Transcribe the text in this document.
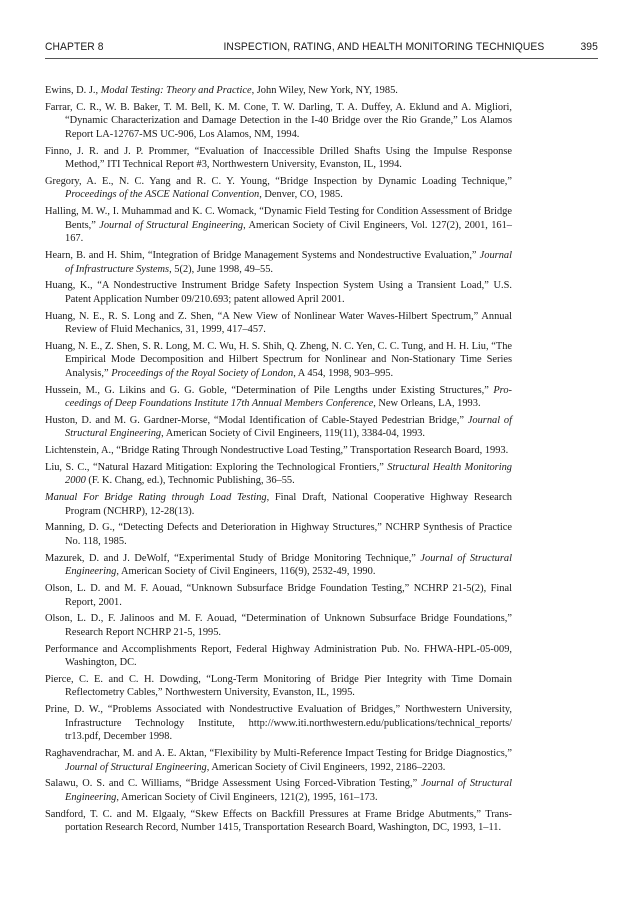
CHAPTER 8	INSPECTION, RATING, AND HEALTH MONITORING TECHNIQUES	395

Ewins, D. J., Modal Testing: Theory and Practice, John Wiley, New York, NY, 1985.

Farrar, C. R., W. B. Baker, T. M. Bell, K. M. Cone, T. W. Darling, T. A. Duffey, A. Eklund and A. Migliori, “Dynamic Characterization and Damage Detection in the I-40 Bridge over the Rio Grande,” Los Alamos Report LA-12767-MS UC-906, Los Alamos, NM, 1994.

Finno, J. R. and J. P. Prommer, “Evaluation of Inaccessible Drilled Shafts Using the Impulse Response Method,” ITI Technical Report #3, Northwestern University, Evanston, IL, 1994.

Gregory, A. E., N. C. Yang and R. C. Y. Young, “Bridge Inspection by Dynamic Loading Technique,” Proceedings of the ASCE National Convention, Denver, CO, 1985.

Halling, M. W., I. Muhammad and K. C. Womack, “Dynamic Field Testing for Condition Assessment of Bridge Bents,” Journal of Structural Engineering, American Society of Civil Engineers, Vol. 127(2), 2001, 161–167.

Hearn, B. and H. Shim, “Integration of Bridge Management Systems and Nondestructive Evaluation,” Journal of Infrastructure Systems, 5(2), June 1998, 49–55.

Huang, K., “A Nondestructive Instrument Bridge Safety Inspection System Using a Transient Load,” U.S. Patent Application Number 09/210.693; patent allowed April 2001.

Huang, N. E., R. S. Long and Z. Shen, “A New View of Nonlinear Water Waves-Hilbert Spectrum,” Annual Review of Fluid Mechanics, 31, 1999, 417–457.

Huang, N. E., Z. Shen, S. R. Long, M. C. Wu, H. S. Shih, Q. Zheng, N. C. Yen, C. C. Tung, and H. H. Liu, “The Empirical Mode Decomposition and Hilbert Spectrum for Nonlinear and Non-Stationary Time Series Analysis,” Proceedings of the Royal Society of London, A 454, 1998, 903–995.

Hussein, M., G. Likins and G. G. Goble, “Determination of Pile Lengths under Existing Structures,” Proceedings of Deep Foundations Institute 17th Annual Members Conference, New Orleans, LA, 1993.

Huston, D. and M. G. Gardner-Morse, “Modal Identification of Cable-Stayed Pedestrian Bridge,” Journal of Structural Engineering, American Society of Civil Engineers, 119(11), 3384-04, 1993.

Lichtenstein, A., “Bridge Rating Through Nondestructive Load Testing,” Transportation Research Board, 1993.

Liu, S. C., “Natural Hazard Mitigation: Exploring the Technological Frontiers,” Structural Health Monitoring 2000 (F. K. Chang, ed.), Technomic Publishing, 36–55.

Manual For Bridge Rating through Load Testing, Final Draft, National Cooperative Highway Research Program (NCHRP), 12-28(13).

Manning, D. G., “Detecting Defects and Deterioration in Highway Structures,” NCHRP Synthesis of Practice No. 118, 1985.

Mazurek, D. and J. DeWolf, “Experimental Study of Bridge Monitoring Technique,” Journal of Structural Engineering, American Society of Civil Engineers, 116(9), 2532-49, 1990.

Olson, L. D. and M. F. Aouad, “Unknown Subsurface Bridge Foundation Testing,” NCHRP 21-5(2), Final Report, 2001.

Olson, L. D., F. Jalinoos and M. F. Aouad, “Determination of Unknown Subsurface Bridge Foundations,” Research Report NCHRP 21-5, 1995.

Performance and Accomplishments Report, Federal Highway Administration Pub. No. FHWA-HPL-05-009, Washington, DC.

Pierce, C. E. and C. H. Dowding, “Long-Term Monitoring of Bridge Pier Integrity with Time Domain Reflectometry Cables,” Northwestern University, Evanston, IL, 1995.

Prine, D. W., “Problems Associated with Nondestructive Evaluation of Bridges,” Northwestern University, Infrastructure Technology Institute, http://www.iti.northwestern.edu/publications/technical_reports/​tr13.pdf, December 1998.

Raghavendrachar, M. and A. E. Aktan, “Flexibility by Multi-Reference Impact Testing for Bridge Diagnostics,” Journal of Structural Engineering, American Society of Civil Engineers, 1992, 2186–2203.

Salawu, O. S. and C. Williams, “Bridge Assessment Using Forced-Vibration Testing,” Journal of Structural Engineering, American Society of Civil Engineers, 121(2), 1995, 161–173.

Sandford, T. C. and M. Elgaaly, “Skew Effects on Backfill Pressures at Frame Bridge Abutments,” Transportation Research Record, Number 1415, Transportation Research Board, Washington, DC, 1993, 1–11.
